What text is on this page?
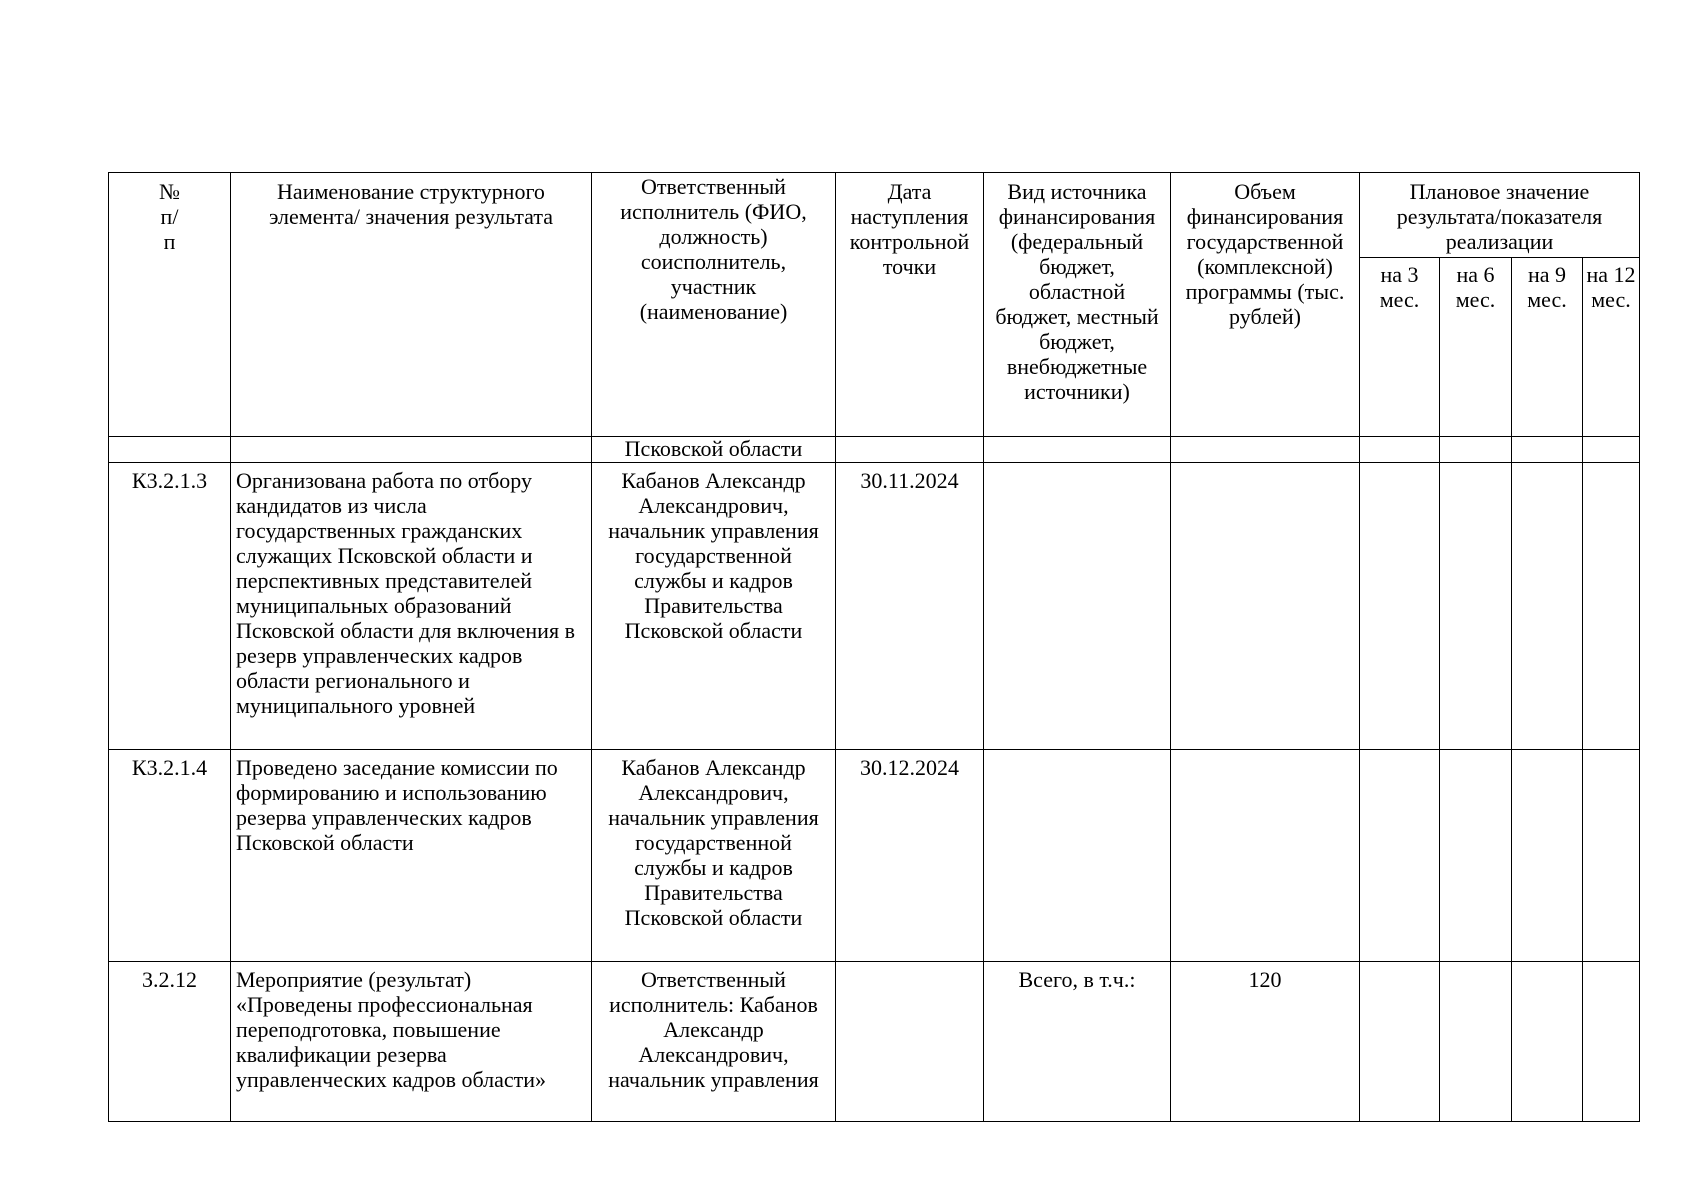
№ п/п	Наименование структурного элемента/ значения результата	Ответственный исполнитель (ФИО, должность) соисполнитель, участник (наименование)	Дата наступления контрольной точки	Вид источника финансирования (федеральный бюджет, областной бюджет, местный бюджет, внебюджетные источники)	Объем финансирования государственной (комплексной) программы (тыс. рублей)	Плановое значение результата/показателя реализации			
						на 3 мес.	на 6 мес.	на 9 мес.	на 12 мес.
		Псковской области							
К3.2.1.3	Организована работа по отбору кандидатов из числа государственных гражданских служащих Псковской области и перспективных представителей муниципальных образований Псковской области для включения в резерв управленческих кадров области регионального и муниципального уровней	Кабанов Александр Александрович, начальник управления государственной службы и кадров Правительства Псковской области	30.11.2024						
К3.2.1.4	Проведено заседание комиссии по формированию и использованию резерва управленческих кадров Псковской области	Кабанов Александр Александрович, начальник управления государственной службы и кадров Правительства Псковской области	30.12.2024						
3.2.12	Мероприятие (результат) «Проведены профессиональная переподготовка, повышение квалификации резерва управленческих кадров области»	Ответственный исполнитель: Кабанов Александр Александрович, начальник управления		Всего, в т.ч.:	120				
